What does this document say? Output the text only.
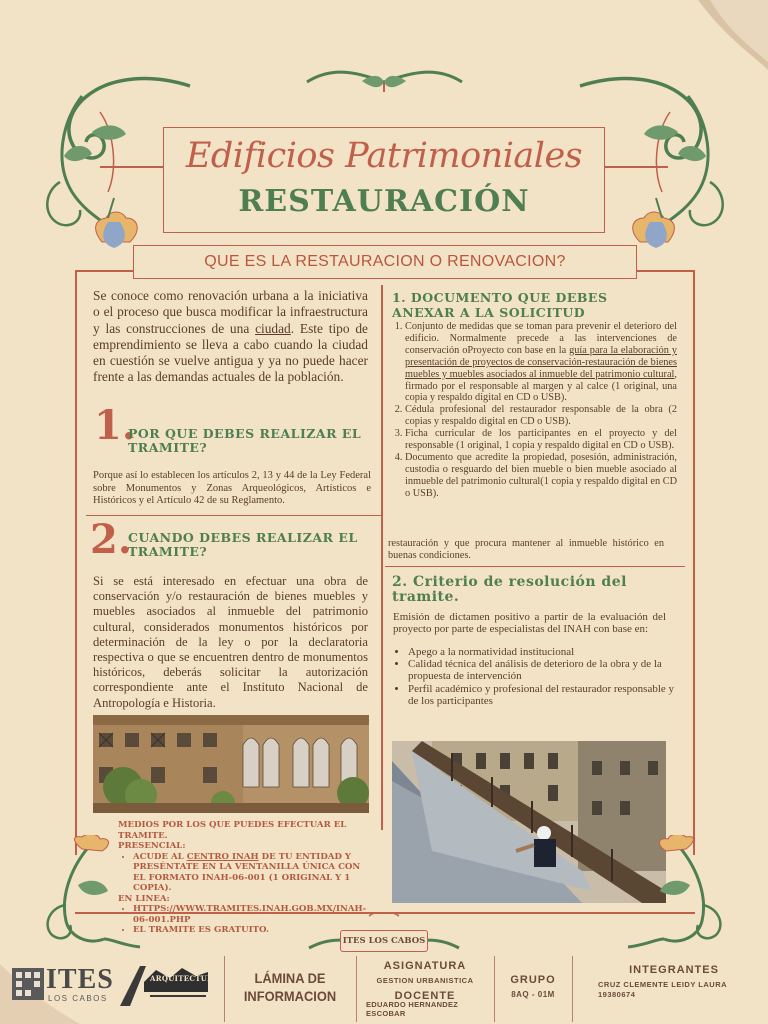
Edificios Patrimoniales
RESTAURACIÓN
QUE ES LA RESTAURACION O RENOVACION?

Se conoce como renovación urbana a la iniciativa o el proceso que busca modificar la infraestructura y las construcciones de una ciudad. Este tipo de emprendimiento se lleva a cabo cuando la ciudad en cuestión se vuelve antigua y ya no puede hacer frente a las demandas actuales de la población.

1.
POR QUE DEBES REALIZAR EL TRAMITE?

Porque así lo establecen los artículos 2, 13 y 44 de la Ley Federal sobre Monumentos y Zonas Arqueológicos, Artísticos e Históricos y el Artículo 42 de su Reglamento.

2.
CUANDO DEBES REALIZAR EL TRAMITE?

Si se está interesado en efectuar una obra de conservación y/o restauración de bienes muebles y muebles asociados al inmueble del patrimonio cultural, considerados monumentos históricos por determinación de la ley o por la declaratoria respectiva o que se encuentren dentro de monumentos históricos, deberás solicitar la autorización correspondiente ante el Instituto Nacional de Antropología e Historia.

1. DOCUMENTO QUE DEBES ANEXAR A LA SOLICITUD
1. Conjunto de medidas que se toman para prevenir el deterioro del edificio. Normalmente precede a las intervenciones de conservación oProyecto con base en la guía para la elaboración y presentación de proyectos de conservación-restauración de bienes muebles y muebles asociados al inmueble del patrimonio cultural, firmado por el responsable al margen y al calce (1 original, una copia y respaldo digital en CD o USB).
2. Cédula profesional del restaurador responsable de la obra (2 copias y respaldo digital en CD o USB).
3. Ficha curricular de los participantes en el proyecto y del responsable (1 original, 1 copia y respaldo digital en CD o USB).
4. Documento que acredite la propiedad, posesión, administración, custodia o resguardo del bien mueble o bien mueble asociado al inmueble del patrimonio cultural(1 copia y respaldo digital en CD o USB).

restauración y que procura mantener al inmueble histórico en buenas condiciones.

2. Criterio de resolución del tramite.

Emisión de dictamen positivo a partir de la evaluación del proyecto por parte de especialistas del INAH con base en:

• Apego a la normatividad institucional
• Calidad técnica del análisis de deterioro de la obra y de la propuesta de intervención
• Perfil académico y profesional del restaurador responsable y de los participantes
MEDIOS POR LOS QUE PUEDES EFECTUAR EL TRAMITE.
PRESENCIAL:
• ACUDE AL CENTRO INAH DE TU ENTIDAD Y PRESÉNTATE EN LA VENTANILLA ÚNICA CON EL FORMATO INAH-06-001 (1 ORIGINAL Y 1 COPIA).
EN LINEA:
• HTTPS://WWW.TRAMITES.INAH.GOB.MX/INAH-06-001.PHP
• EL TRAMITE ES GRATUITO.
ITES LOS CABOS
ITES
LOS CABOS
ARQUITECTURA	LÁMINA DE
INFORMACION
ASIGNATURA
GESTION URBANISTICA
DOCENTE
EDUARDO HERNANDEZ ESCOBAR
GRUPO
8AQ - 01M
INTEGRANTES
CRUZ CLEMENTE LEIDY LAURA
19380674
